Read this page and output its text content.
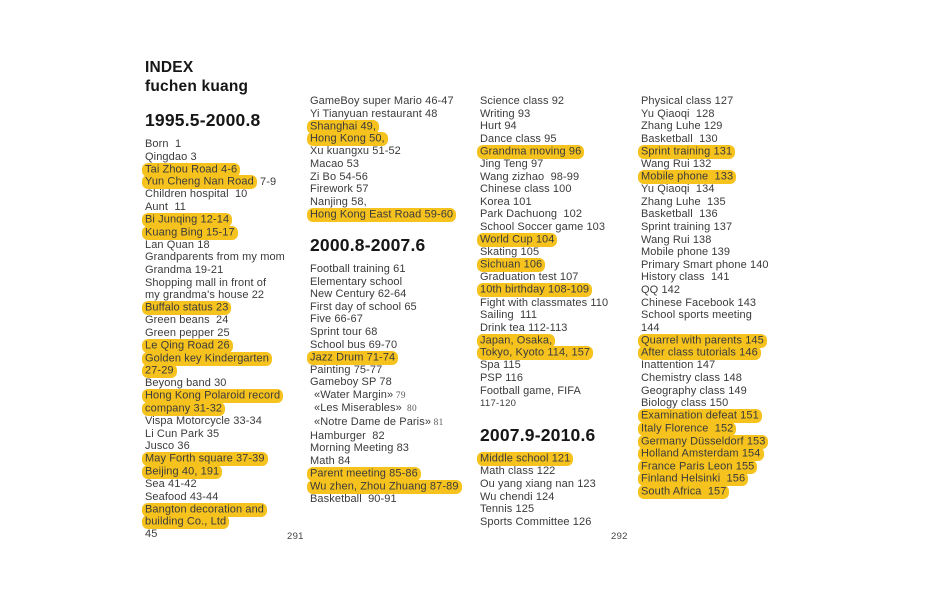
INDEX
fuchen kuang
1995.5-2000.8
Born  1
Qingdao 3
Tai Zhou Road 4-6
Yun Cheng Nan Road 7-9
Children hospital  10
Aunt  11
Bi Junqing 12-14
Kuang Bing 15-17
Lan Quan 18
Grandparents from my mom
Grandma 19-21
Shopping mall in front of
my grandma's house 22
Buffalo status 23
Green beans  24
Green pepper 25
Le Qing Road 26
Golden key Kindergarten
27-29
Beyong band 30
Hong Kong Polaroid record
company 31-32
Vispa Motorcycle 33-34
Li Cun Park 35
Jusco 36
May Forth square 37-39
Beijing 40, 191
Sea 41-42
Seafood 43-44
Bangton decoration and
building Co., Ltd
45
GameBoy super Mario 46-47
Yi Tianyuan restaurant 48
Shanghai 49,
Hong Kong 50,
Xu kuangxu 51-52
Macao 53
Zi Bo 54-56
Firework 57
Nanjing 58,
Hong Kong East Road 59-60
2000.8-2007.6
Football training 61
Elementary school
New Century 62-64
First day of school 65
Five 66-67
Sprint tour 68
School bus 69-70
Jazz Drum 71-74
Painting 75-77
Gameboy SP 78
«Water Margin» 79
«Les Miserables»  80
«Notre Dame de Paris» 81
Hamburger  82
Morning Meeting 83
Math 84
Parent meeting 85-86
Wu zhen, Zhou Zhuang 87-89
Basketball  90-91
Science class 92
Writing 93
Hurt 94
Dance class 95
Grandma moving 96
Jing Teng 97
Wang zizhao  98-99
Chinese class 100
Korea 101
Park Dachuong  102
School Soccer game 103
World Cup 104
Skating 105
Sichuan 106
Graduation test 107
10th birthday 108-109
Fight with classmates 110
Sailing  111
Drink tea 112-113
Japan, Osaka,
Tokyo, Kyoto 114, 157
Spa 115
PSP 116
Football game, FIFA
117-120
2007.9-2010.6
Middle school 121
Math class 122
Ou yang xiang nan 123
Wu chendi 124
Tennis 125
Sports Committee 126
Physical class 127
Yu Qiaoqi  128
Zhang Luhe 129
Basketball  130
Sprint training 131
Wang Rui 132
Mobile phone  133
Yu Qiaoqi  134
Zhang Luhe  135
Basketball  136
Sprint training 137
Wang Rui 138
Mobile phone 139
Primary Smart phone 140
History class  141
QQ 142
Chinese Facebook 143
School sports meeting
144
Quarrel with parents 145
After class tutorials 146
Inattention 147
Chemistry class 148
Geography class 149
Biology class 150
Examination defeat 151
Italy Florence  152
Germany Düsseldorf 153
Holland Amsterdam 154
France Paris Leon 155
Finland Helsinki  156
South Africa  157
291	292
